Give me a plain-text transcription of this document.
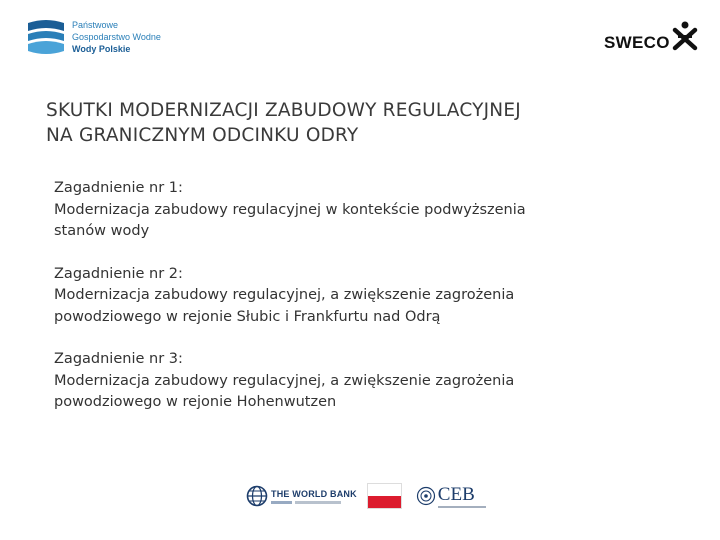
Państwowe
Gospodarstwo Wodne
Wody Polskie	SWECO
SKUTKI MODERNIZACJI ZABUDOWY REGULACYJNEJ
NA GRANICZNYM ODCINKU ODRY
Zagadnienie nr 1:
Modernizacja zabudowy regulacyjnej w kontekście podwyższenia
stanów wody
Zagadnienie nr 2:
Modernizacja zabudowy regulacyjnej, a zwiększenie zagrożenia
powodziowego w rejonie Słubic i Frankfurtu nad Odrą
Zagadnienie nr 3:
Modernizacja zabudowy regulacyjnej, a zwiększenie zagrożenia
powodziowego w rejonie Hohenwutzen
THE WORLD BANK	CEB
